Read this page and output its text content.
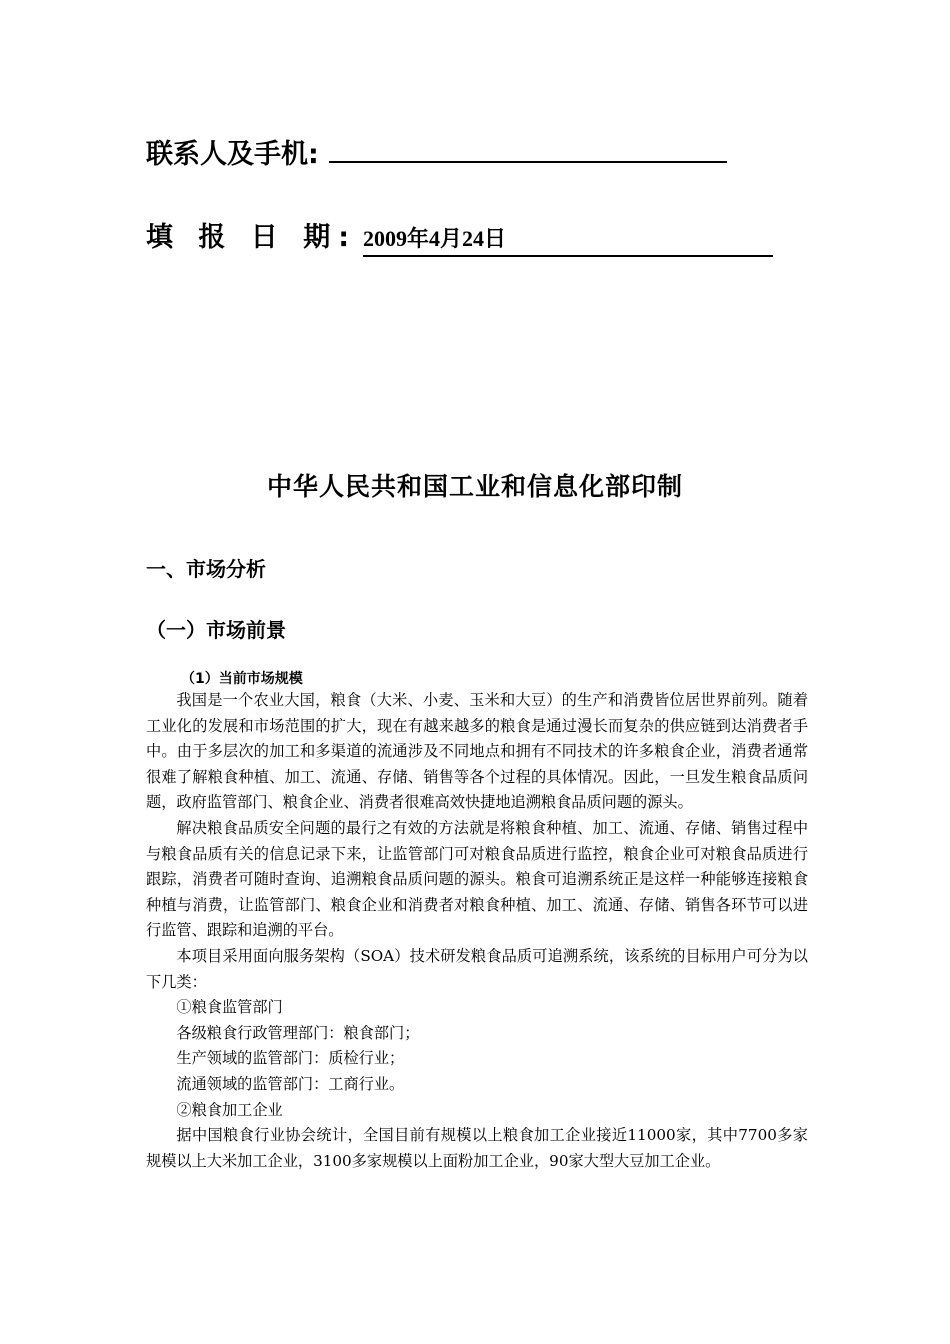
联系人及手机:
填 报 日 期: 2009年4月24日
中华人民共和国工业和信息化部印制
一、市场分析
（一）市场前景
（1）当前市场规模

我国是一个农业大国，粮食（大米、小麦、玉米和大豆）的生产和消费皆位居世界前列。随着工业化的发展和市场范围的扩大，现在有越来越多的粮食是通过漫长而复杂的供应链到达消费者手中。由于多层次的加工和多渠道的流通涉及不同地点和拥有不同技术的许多粮食企业，消费者通常很难了解粮食种植、加工、流通、存储、销售等各个过程的具体情况。因此，一旦发生粮食品质问题，政府监管部门、粮食企业、消费者很难高效快捷地追溯粮食品质问题的源头。

解决粮食品质安全问题的最行之有效的方法就是将粮食种植、加工、流通、存储、销售过程中与粮食品质有关的信息记录下来，让监管部门可对粮食品质进行监控，粮食企业可对粮食品质进行跟踪，消费者可随时查询、追溯粮食品质问题的源头。粮食可追溯系统正是这样一种能够连接粮食种植与消费，让监管部门、粮食企业和消费者对粮食种植、加工、流通、存储、销售各环节可以进行监管、跟踪和追溯的平台。

本项目采用面向服务架构（SOA）技术研发粮食品质可追溯系统，该系统的目标用户可分为以下几类：

①粮食监管部门

各级粮食行政管理部门：粮食部门；

生产领域的监管部门：质检行业；

流通领域的监管部门：工商行业。

②粮食加工企业

据中国粮食行业协会统计，全国目前有规模以上粮食加工企业接近11000家，其中7700多家规模以上大米加工企业，3100多家规模以上面粉加工企业，90家大型大豆加工企业。
